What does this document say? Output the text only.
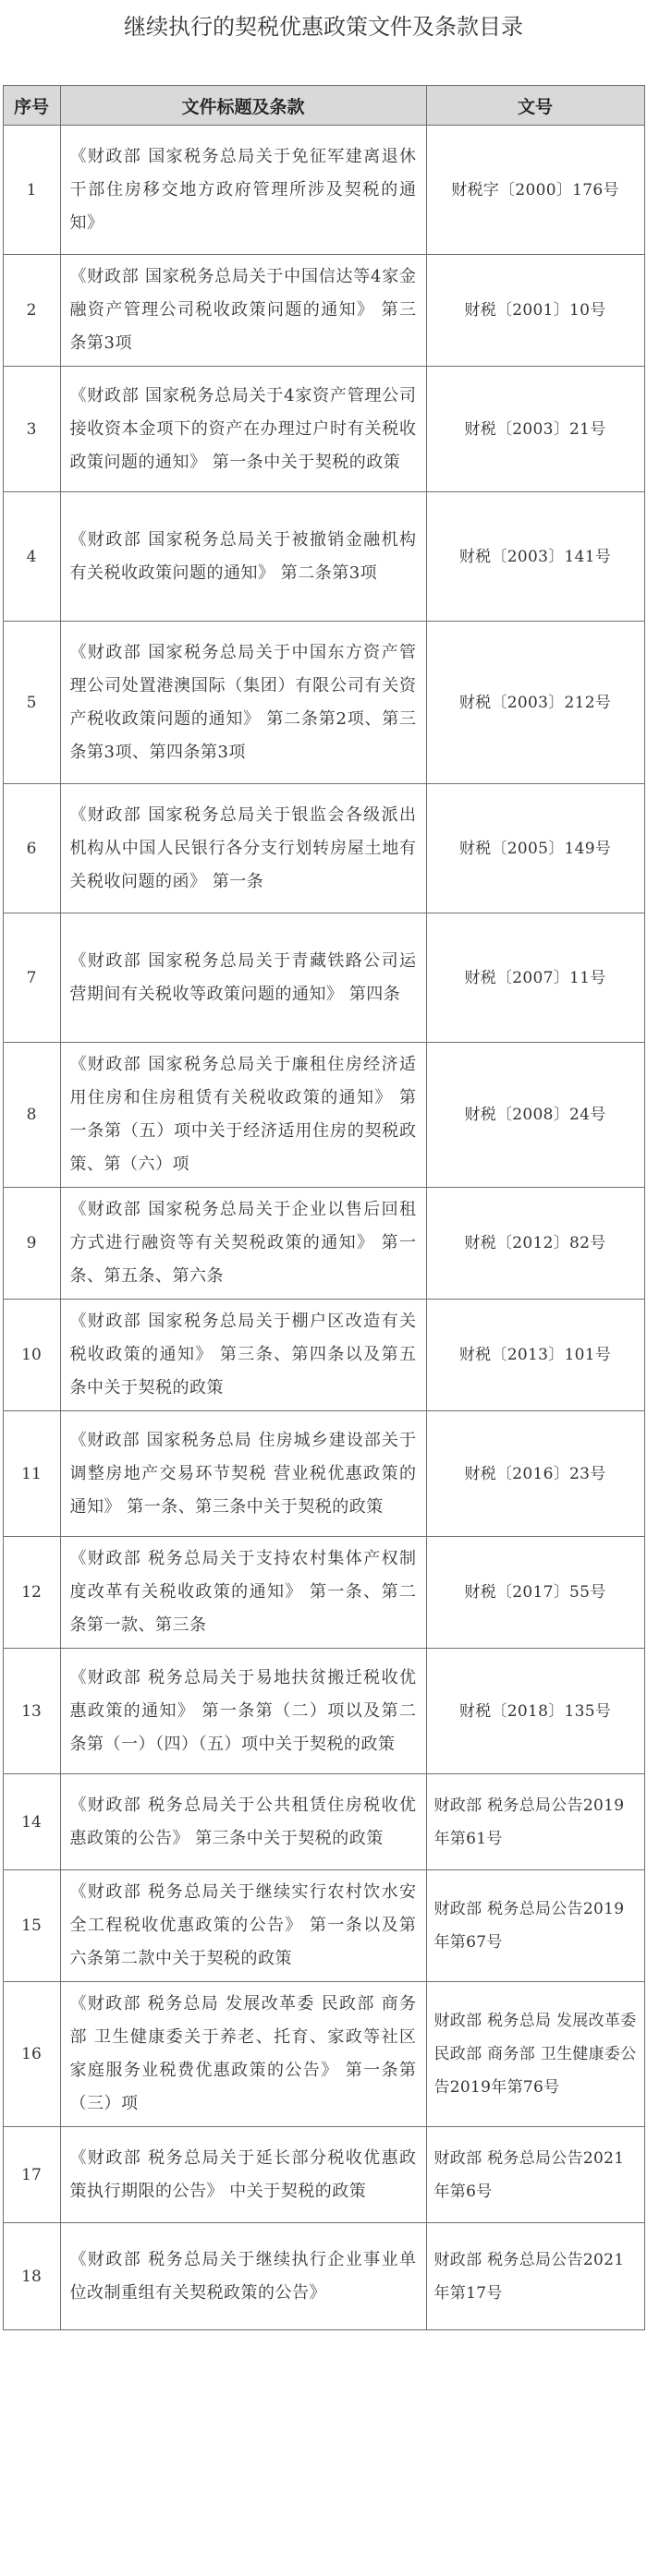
继续执行的契税优惠政策文件及条款目录
序号	文件标题及条款	文号
1	《财政部 国家税务总局关于免征军建离退休干部住房移交地方政府管理所涉及契税的通知》	财税字〔2000〕176号
2	《财政部 国家税务总局关于中国信达等4家金融资产管理公司税收政策问题的通知》 第三条第3项	财税〔2001〕10号
3	《财政部 国家税务总局关于4家资产管理公司接收资本金项下的资产在办理过户时有关税收政策问题的通知》 第一条中关于契税的政策	财税〔2003〕21号
4	《财政部 国家税务总局关于被撤销金融机构有关税收政策问题的通知》 第二条第3项	财税〔2003〕141号
5	《财政部 国家税务总局关于中国东方资产管理公司处置港澳国际（集团）有限公司有关资产税收政策问题的通知》 第二条第2项、第三条第3项、第四条第3项	财税〔2003〕212号
6	《财政部 国家税务总局关于银监会各级派出机构从中国人民银行各分支行划转房屋土地有关税收问题的函》 第一条	财税〔2005〕149号
7	《财政部 国家税务总局关于青藏铁路公司运营期间有关税收等政策问题的通知》 第四条	财税〔2007〕11号
8	《财政部 国家税务总局关于廉租住房经济适用住房和住房租赁有关税收政策的通知》 第一条第（五）项中关于经济适用住房的契税政策、第（六）项	财税〔2008〕24号
9	《财政部 国家税务总局关于企业以售后回租方式进行融资等有关契税政策的通知》 第一条、第五条、第六条	财税〔2012〕82号
10	《财政部 国家税务总局关于棚户区改造有关税收政策的通知》 第三条、第四条以及第五条中关于契税的政策	财税〔2013〕101号
11	《财政部 国家税务总局 住房城乡建设部关于调整房地产交易环节契税 营业税优惠政策的通知》 第一条、第三条中关于契税的政策	财税〔2016〕23号
12	《财政部 税务总局关于支持农村集体产权制度改革有关税收政策的通知》 第一条、第二条第一款、第三条	财税〔2017〕55号
13	《财政部 税务总局关于易地扶贫搬迁税收优惠政策的通知》 第一条第（二）项以及第二条第（一）（四）（五）项中关于契税的政策	财税〔2018〕135号
14	《财政部 税务总局关于公共租赁住房税收优惠政策的公告》 第三条中关于契税的政策	财政部 税务总局公告2019年第61号
15	《财政部 税务总局关于继续实行农村饮水安全工程税收优惠政策的公告》 第一条以及第六条第二款中关于契税的政策	财政部 税务总局公告2019年第67号
16	《财政部 税务总局 发展改革委 民政部 商务部 卫生健康委关于养老、托育、家政等社区家庭服务业税费优惠政策的公告》 第一条第（三）项	财政部 税务总局 发展改革委 民政部 商务部 卫生健康委公告2019年第76号
17	《财政部 税务总局关于延长部分税收优惠政策执行期限的公告》 中关于契税的政策	财政部 税务总局公告2021年第6号
18	《财政部 税务总局关于继续执行企业事业单位改制重组有关契税政策的公告》	财政部 税务总局公告2021年第17号
